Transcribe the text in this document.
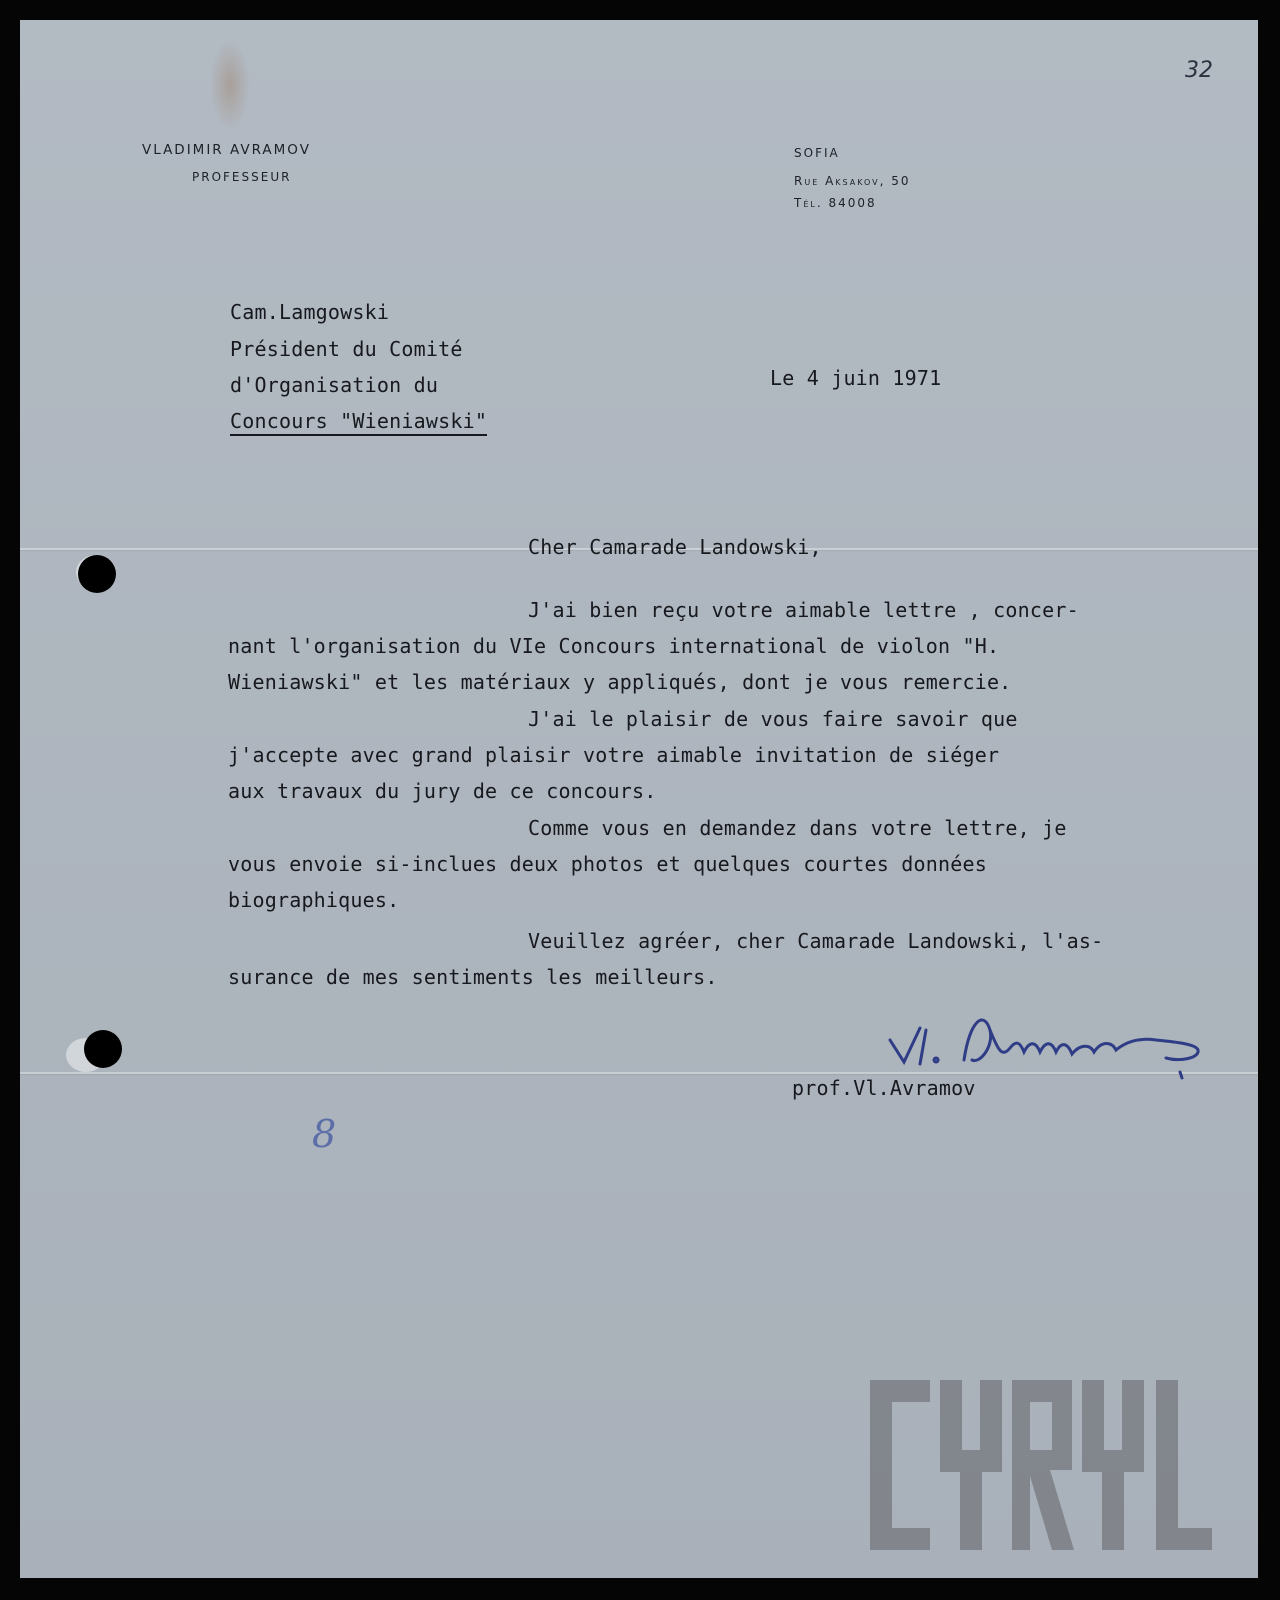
32
VLADIMIR AVRAMOV
PROFESSEUR
SOFIA
Rue Aksakov, 50
Tél. 84008
Cam.Lamgowski
Président du Comité
d'Organisation du
Concours "Wieniawski"
Le 4 juin 1971
Cher Camarade Landowski,
J'ai bien reçu votre aimable lettre , concer-
nant l'organisation du VIe Concours international de violon "H.
Wieniawski" et les matériaux y appliqués, dont je vous remercie.
J'ai le plaisir de vous faire savoir que
j'accepte avec grand plaisir votre aimable invitation de siéger
aux travaux du jury de ce concours.
Comme vous en demandez dans votre lettre, je
vous envoie si-inclues deux photos et quelques courtes données
biographiques.
Veuillez agréer, cher Camarade Landowski, l'as-
surance de mes sentiments les meilleurs.
prof.Vl.Avramov
8
